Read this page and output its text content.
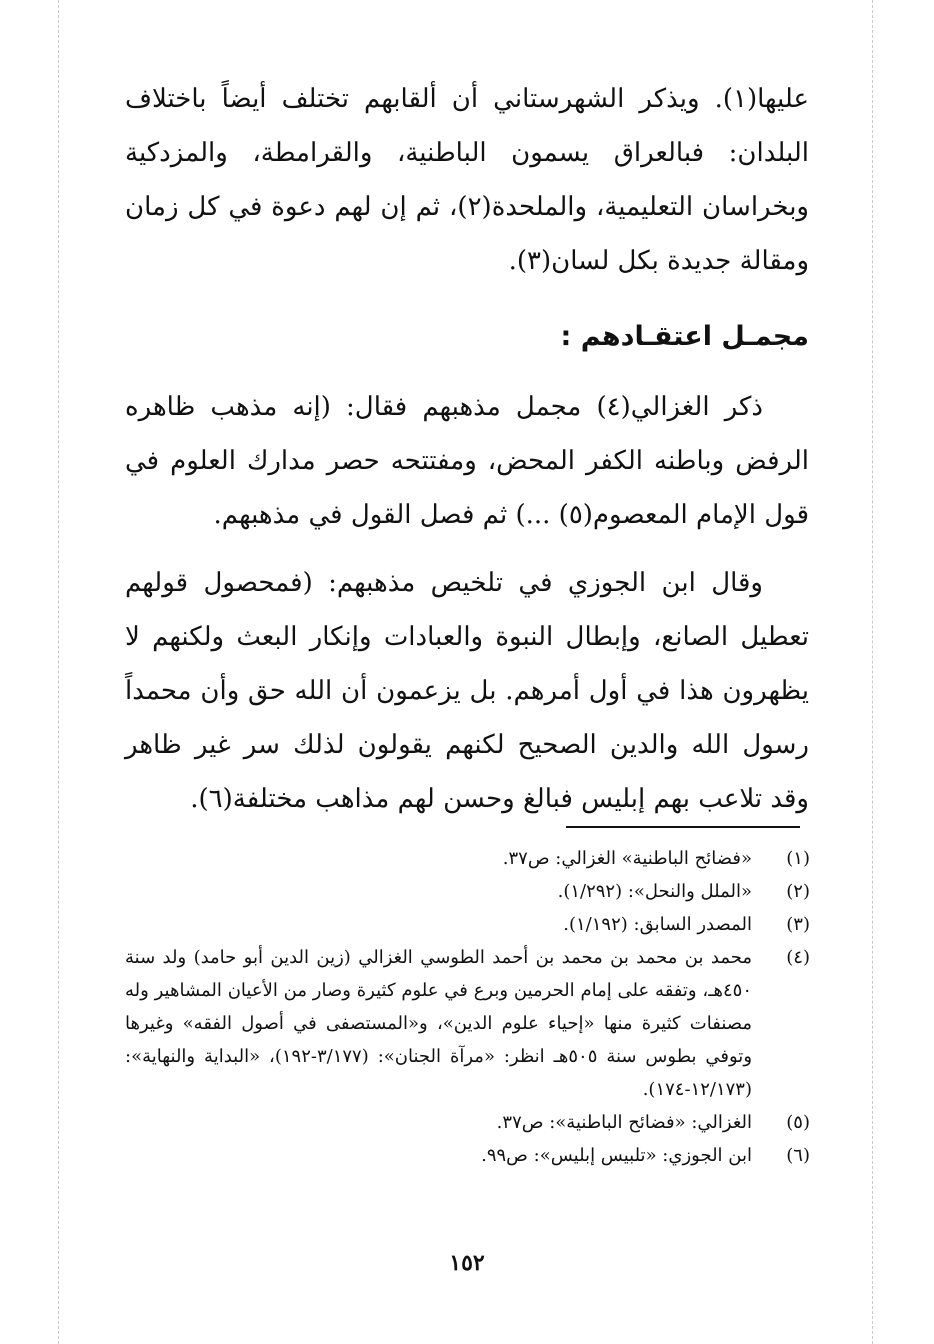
عليها(١). ويذكر الشهرستاني أن ألقابهم تختلف أيضاً باختلاف البلدان: فبالعراق يسمون الباطنية، والقرامطة، والمزدكية وبخراسان التعليمية، والملحدة(٢)، ثم إن لهم دعوة في كل زمان ومقالة جديدة بكل لسان(٣).
مجمـل اعتقـادهم :
ذكر الغزالي(٤) مجمل مذهبهم فقال: (إنه مذهب ظاهره الرفض وباطنه الكفر المحض، ومفتتحه حصر مدارك العلوم في قول الإمام المعصوم(٥) ...) ثم فصل القول في مذهبهم.
وقال ابن الجوزي في تلخيص مذهبهم: (فمحصول قولهم تعطيل الصانع، وإبطال النبوة والعبادات وإنكار البعث ولكنهم لا يظهرون هذا في أول أمرهم. بل يزعمون أن الله حق وأن محمداً رسول الله والدين الصحيح لكنهم يقولون لذلك سر غير ظاهر وقد تلاعب بهم إبليس فبالغ وحسن لهم مذاهب مختلفة(٦).
(١)
«فضائح الباطنية» الغزالي: ص٣٧.
(٢)
«الملل والنحل»: (١/٢٩٢).
(٣)
المصدر السابق: (١/١٩٢).
(٤)
محمد بن محمد بن محمد بن أحمد الطوسي الغزالي (زين الدين أبو حامد) ولد سنة ٤٥٠هـ، وتفقه على إمام الحرمين وبرع في علوم كثيرة وصار من الأعيان المشاهير وله مصنفات كثيرة منها «إحياء علوم الدين»، و«المستصفى في أصول الفقه» وغيرها وتوفي بطوس سنة ٥٠٥هـ انظر: «مرآة الجنان»: (٣/١٧٧-١٩٢)، «البداية والنهاية»: (١٢/١٧٣-١٧٤).
(٥)
الغزالي: «فضائح الباطنية»: ص٣٧.
(٦)
ابن الجوزي: «تلبيس إبليس»: ص٩٩.
١٥٢
